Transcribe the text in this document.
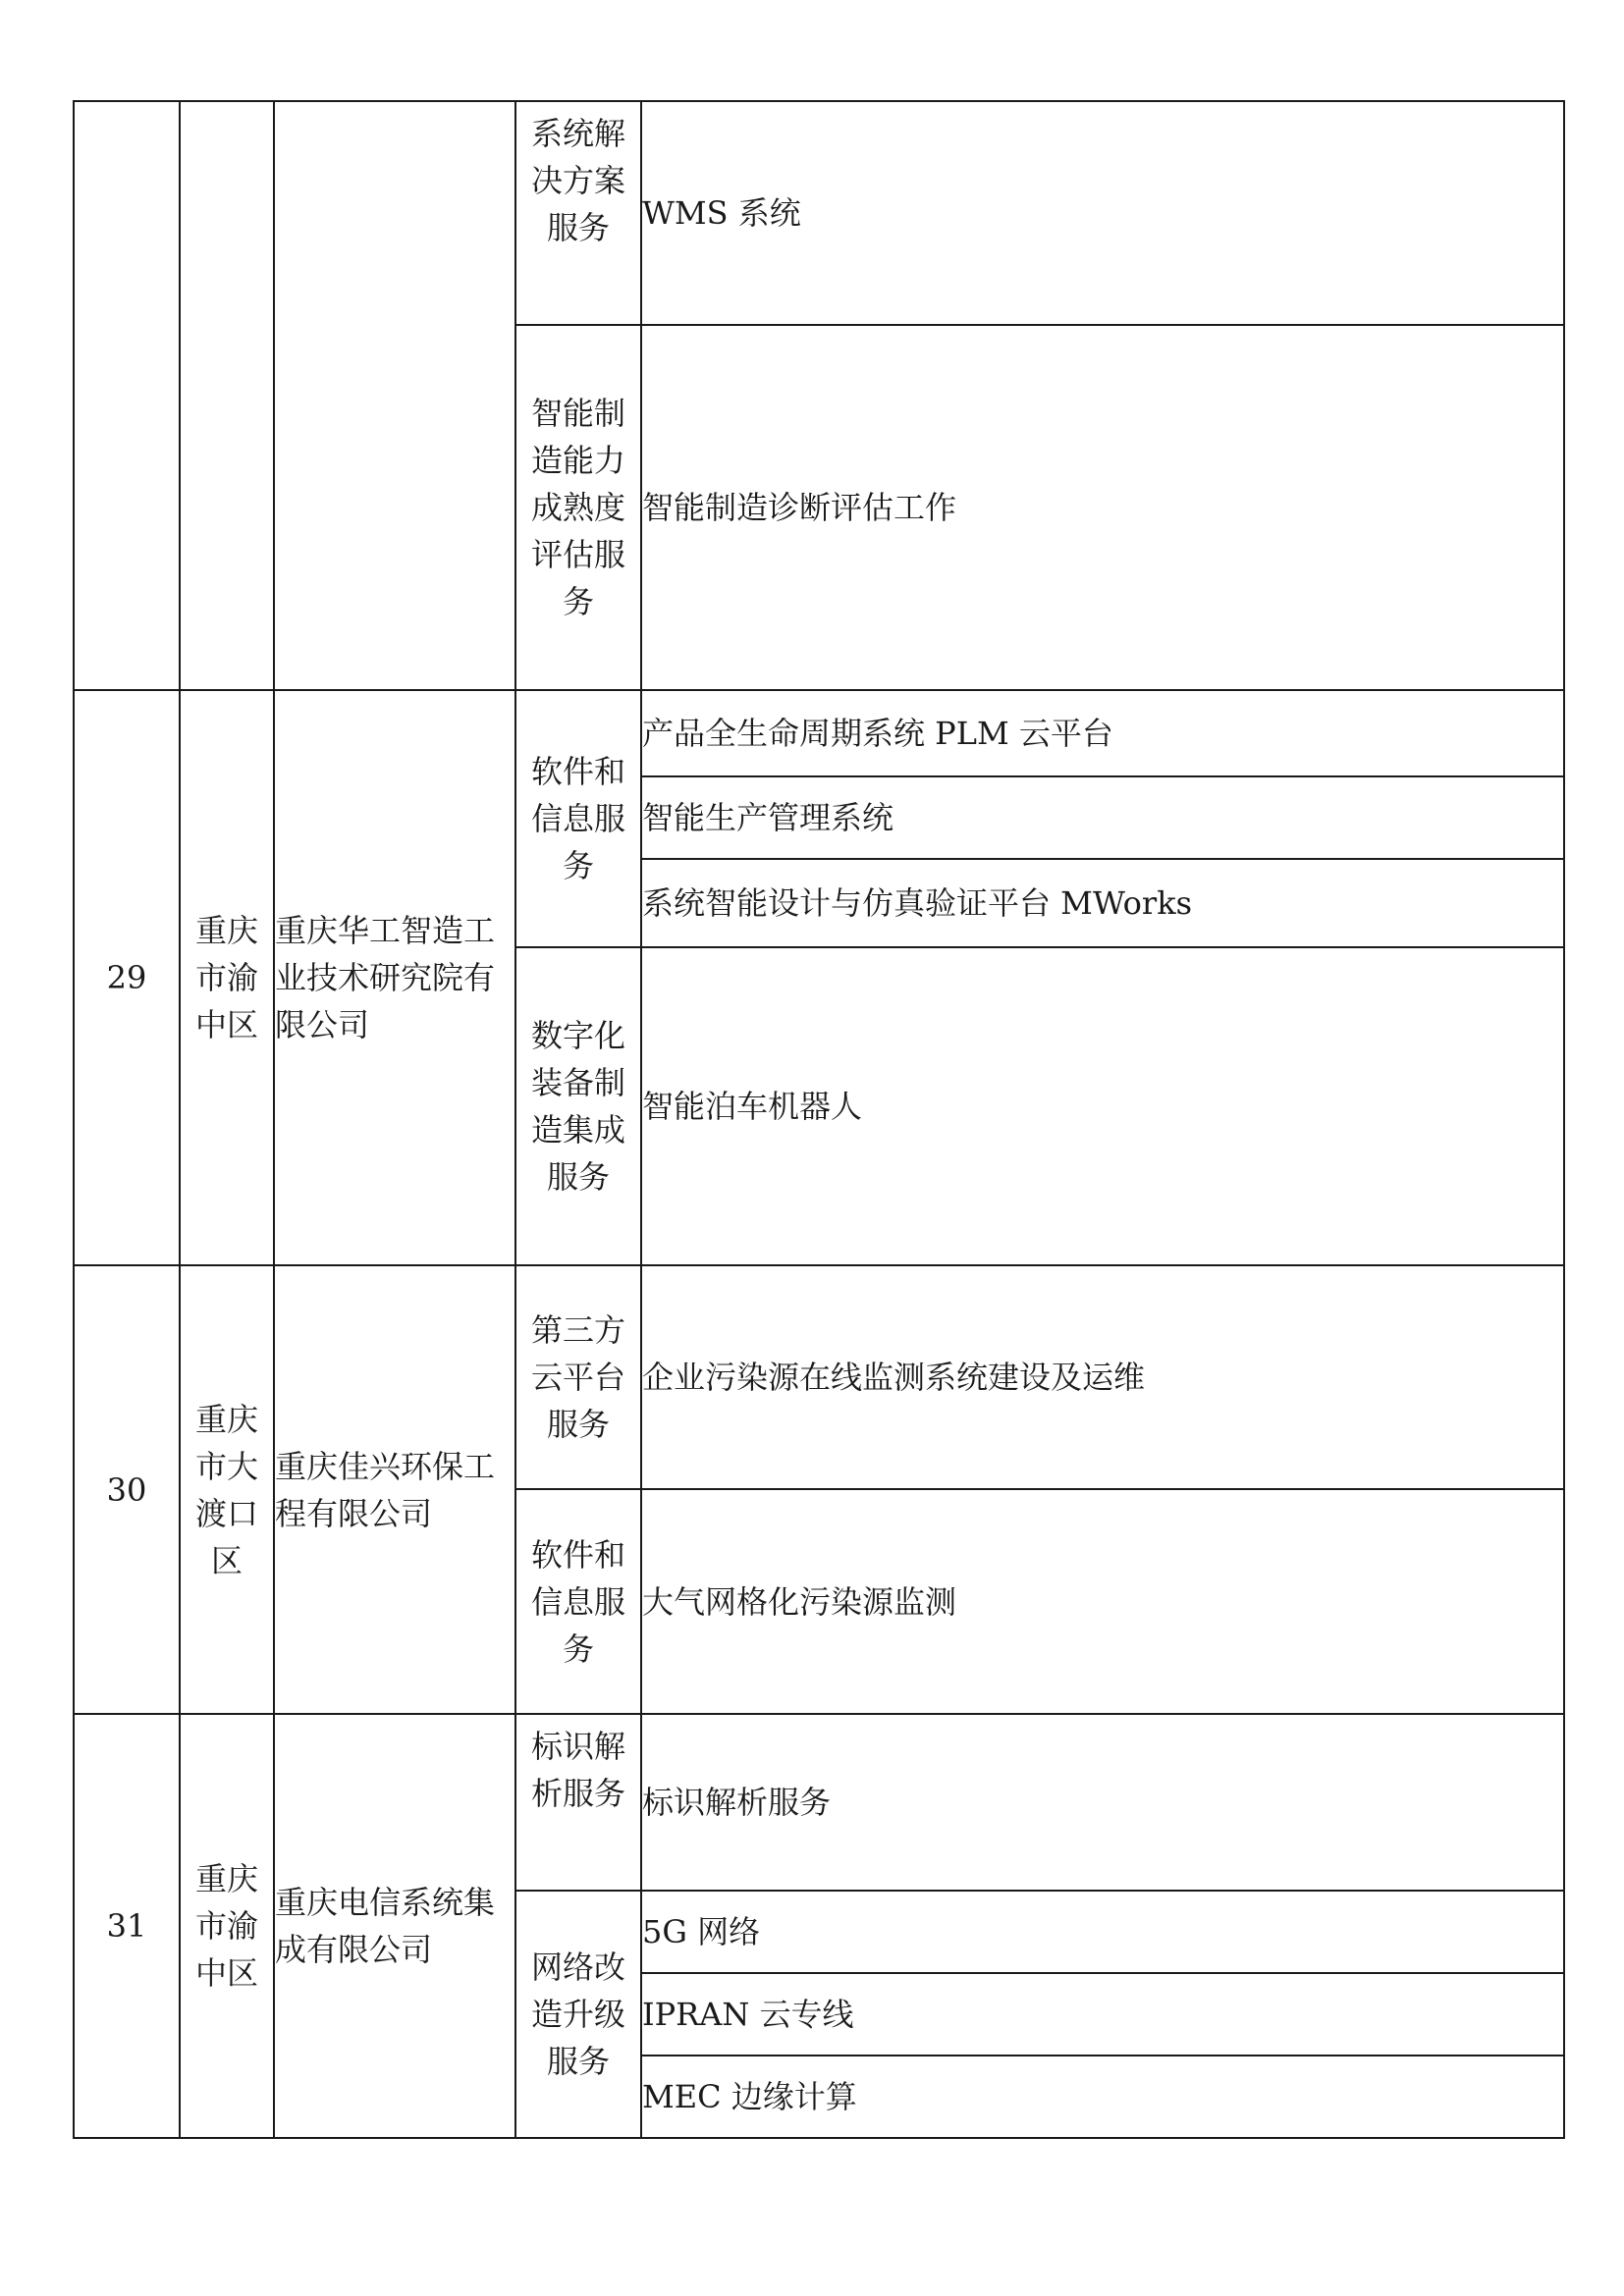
			系统解决方案服务	WMS 系统

			智能制造能力成熟度评估服务	智能制造诊断评估工作
29	重庆市渝中区	重庆华工智造工业技术研究院有限公司	软件和信息服务	产品全生命周期系统 PLM 云平台
				智能生产管理系统
				系统智能设计与仿真验证平台 MWorks

			数字化装备制造集成服务	智能泊车机器人
30	重庆市大渡口区	重庆佳兴环保工程有限公司	第三方云平台服务	企业污染源在线监测系统建设及运维

			软件和信息服务	大气网格化污染源监测
31	重庆市渝中区	重庆电信系统集成有限公司	标识解析服务	标识解析服务

			网络改造升级服务	5G 网络
				IPRAN 云专线
				MEC 边缘计算
